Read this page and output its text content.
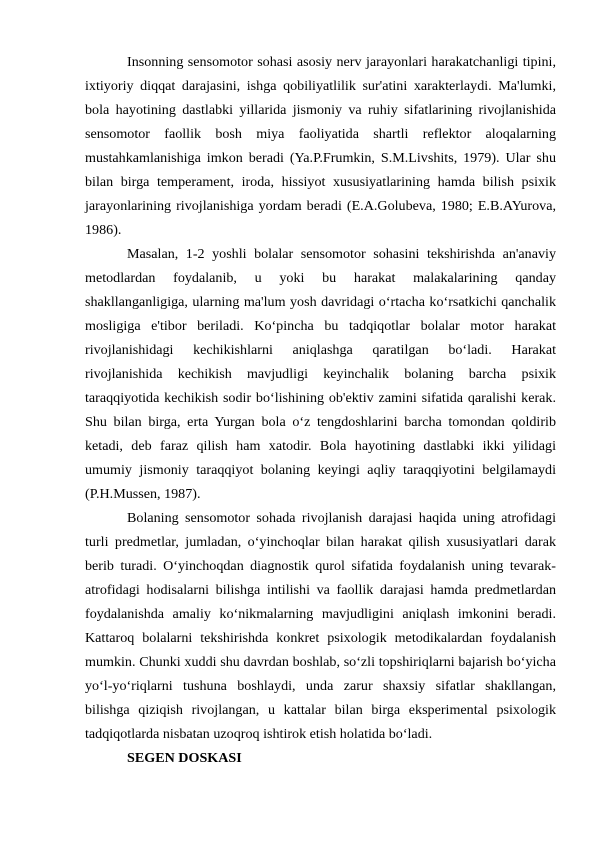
Insonning sensomotor sohasi asosiy nerv jarayonlari harakatchanligi tipini, ixtiyoriy diqqat darajasini, ishga qobiliyatlilik sur'atini xarakterlaydi. Ma'lumki, bola hayotining dastlabki yillarida jismoniy va ruhiy sifatlarining rivojlanishida sensomotor faollik bosh miya faoliyatida shartli reflektor aloqalarning mustahkamlanishiga imkon beradi (Ya.P.Frumkin, S.M.Livshits, 1979). Ular shu bilan birga temperament, iroda, hissiyot xususiyatlarining hamda bilish psixik jarayonlarining rivojlanishiga yordam beradi (E.A.Golubeva, 1980; E.B.AYurova, 1986).

Masalan, 1-2 yoshli bolalar sensomotor sohasini tekshirishda an'anaviy metodlardan foydalanib, u yoki bu harakat malakalarining qanday shakllanganligiga, ularning ma'lum yosh davridagi o‘rtacha ko‘rsatkichi qanchalik mosligiga e'tibor beriladi. Ko‘pincha bu tadqiqotlar bolalar motor harakat rivojlanishidagi kechikishlarni aniqlashga qaratilgan bo‘ladi. Harakat rivojlanishida kechikish mavjudligi keyinchalik bolaning barcha psixik taraqqiyotida kechikish sodir bo‘lishining ob'ektiv zamini sifatida qaralishi kerak. Shu bilan birga, erta Yurgan bola o‘z tengdoshlarini barcha tomondan qoldirib ketadi, deb faraz qilish ham xatodir. Bola hayotining dastlabki ikki yilidagi umumiy jismoniy taraqqiyot bolaning keyingi aqliy taraqqiyotini belgilamaydi (P.H.Mussen, 1987).

Bolaning sensomotor sohada rivojlanish darajasi haqida uning atrofidagi turli predmetlar, jumladan, o‘yinchoqlar bilan harakat qilish xususiyatlari darak berib turadi. O‘yinchoqdan diagnostik qurol sifatida foydalanish uning tevarak-atrofidagi hodisalarni bilishga intilishi va faollik darajasi hamda predmetlardan foydalanishda amaliy ko‘nikmalarning mavjudligini aniqlash imkonini beradi. Kattaroq bolalarni tekshirishda konkret psixologik metodikalardan foydalanish mumkin. Chunki xuddi shu davrdan boshlab, so‘zli topshiriqlarni bajarish bo‘yicha yo‘l-yo‘riqlarni tushuna boshlaydi, unda zarur shaxsiy sifatlar shakllangan, bilishga qiziqish rivojlangan, u kattalar bilan birga eksperimental psixologik tadqiqotlarda nisbatan uzoqroq ishtirok etish holatida bo‘ladi.

SEGEN DOSKASI
